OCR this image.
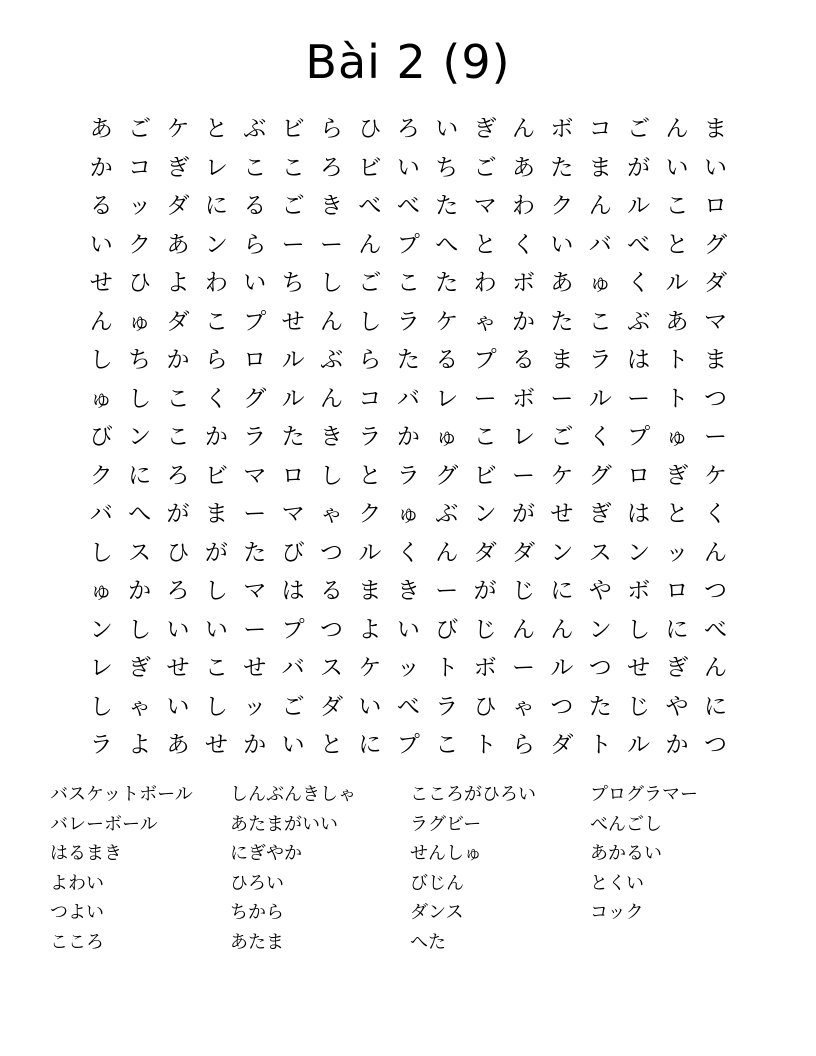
Bài 2 (9)
あ ご ケ と ぶ ビ ら ひ ろ い ぎ ん ボ コ ご ん ま
か コ ぎ レ こ こ ろ ビ い ち ご あ た ま が い い
る ッ ダ に る ご き べ べ た マ わ ク ん ル こ ロ
い ク あ ン ら ー ー ん プ へ と く い バ べ と グ
せ ひ よ わ い ち し ご こ た わ ボ あ ゅ く ル ダ
ん ゅ ダ こ プ せ ん し ラ ケ ゃ か た こ ぶ あ マ
し ち か ら ロ ル ぶ ら た る プ る ま ラ は ト ま
ゅ し こ く グ ル ん コ バ レ ー ボ ー ル ー ト つ
び ン こ か ラ た き ラ か ゅ こ レ ご く プ ゅ ー
ク に ろ ビ マ ロ し と ラ グ ビ ー ケ グ ロ ぎ ケ
バ へ が ま ー マ ゃ ク ゅ ぶ ン が せ ぎ は と く
し ス ひ が た び つ ル く ん ダ ダ ン ス ン ッ ん
ゅ か ろ し マ は る ま き ー が じ に や ボ ロ つ
ン し い い ー プ つ よ い び じ ん ん ン し に べ
レ ぎ せ こ せ バ ス ケ ッ ト ボ ー ル つ せ ぎ ん
し ゃ い し ッ ご ダ い べ ラ ひ ゃ つ た じ や に
ラ よ あ せ か い と に プ こ ト ら ダ ト ル か つ
バスケットボール
バレーボール
はるまき
よわい
つよい
こころ
しんぶんきしゃ
あたまがいい
にぎやか
ひろい
ちから
あたま
こころがひろい
ラグビー
せんしゅ
びじん
ダンス
へた
プログラマー
べんごし
あかるい
とくい
コック
